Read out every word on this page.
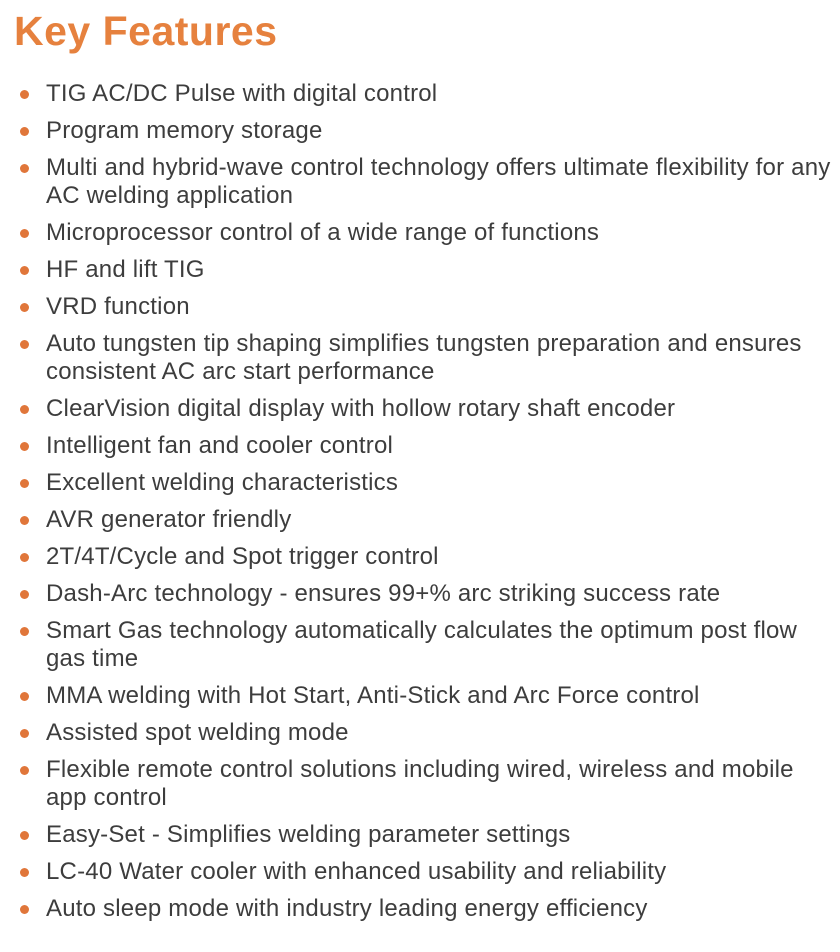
Key Features
TIG AC/DC Pulse with digital control
Program memory storage
Multi and hybrid-wave control technology offers ultimate flexibility for any AC welding application
Microprocessor control of a wide range of functions
HF and lift TIG
VRD function
Auto tungsten tip shaping simplifies tungsten preparation and ensures consistent AC arc start performance
ClearVision digital display with hollow rotary shaft encoder
Intelligent fan and cooler control
Excellent welding characteristics
AVR generator friendly
2T/4T/Cycle and Spot trigger control
Dash-Arc technology - ensures 99+% arc striking success rate
Smart Gas technology automatically calculates the optimum post flow gas time
MMA welding with Hot Start, Anti-Stick and Arc Force control
Assisted spot welding mode
Flexible remote control solutions including wired, wireless and mobile app control
Easy-Set - Simplifies welding parameter settings
LC-40 Water cooler with enhanced usability and reliability
Auto sleep mode with industry leading energy efficiency
